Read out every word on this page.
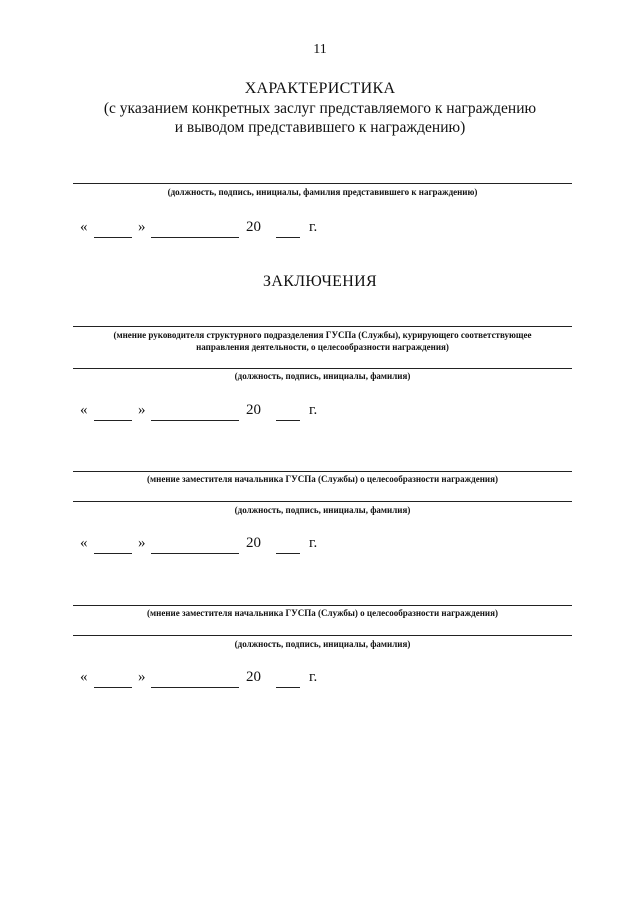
11
ХАРАКТЕРИСТИКА
(с указанием конкретных заслуг представляемого к награждению
и выводом представившего к награждению)
(должность, подпись, инициалы, фамилия представившего к награждению)
«	»	20	г.
ЗАКЛЮЧЕНИЯ
(мнение руководителя структурного подразделения ГУСПа (Службы), курирующего соответствующее
направления деятельности, о целесообразности награждения)
(должность, подпись, инициалы, фамилия)
«	»	20	г.
(мнение заместителя начальника ГУСПа (Службы) о целесообразности награждения)
(должность, подпись, инициалы, фамилия)
«	»	20	г.
(мнение заместителя начальника ГУСПа (Службы) о целесообразности награждения)
(должность, подпись, инициалы, фамилия)
«	»	20	г.
